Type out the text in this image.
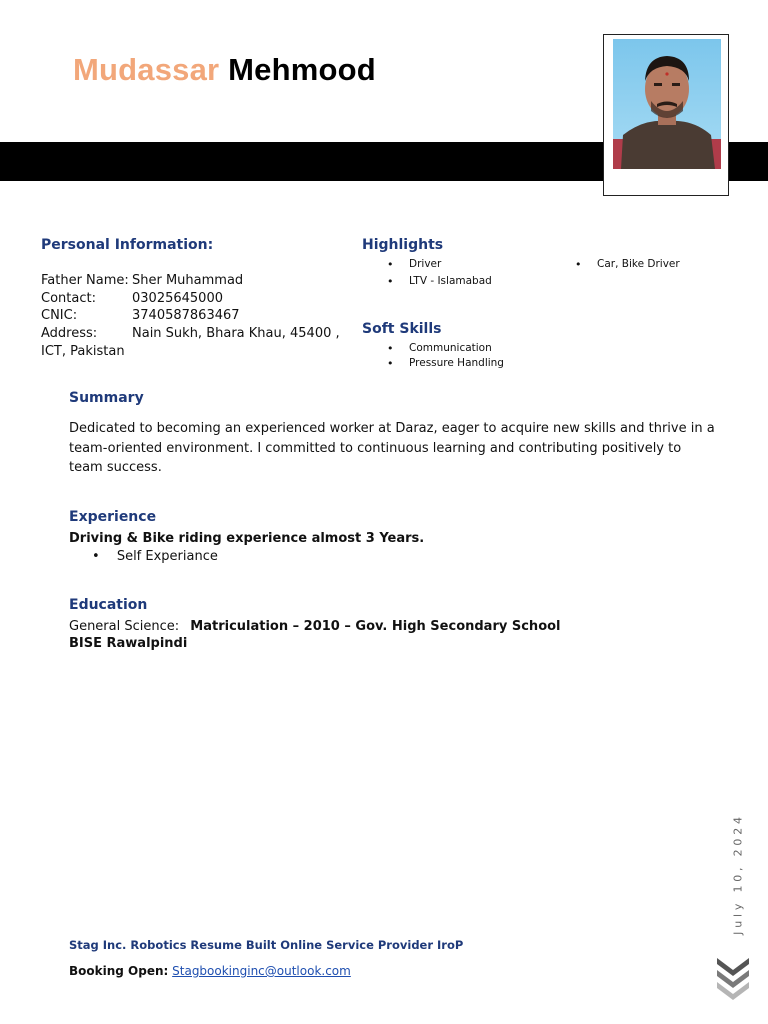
Mudassar Mehmood
Personal Information:
Father Name: Sher Muhammad
Contact:	03025645000
CNIC:	3740587863467
Address:	Nain Sukh, Bhara Khau, 45400 ,
ICT, Pakistan
Highlights
• Driver
• LTV - Islamabad
• Car, Bike Driver
Soft Skills
• Communication
• Pressure Handling
Summary
Dedicated to becoming an experienced worker at Daraz, eager to acquire new skills and thrive in a
team-oriented environment. I committed to continuous learning and contributing positively to
team success.
Experience
Driving & Bike riding experience almost 3 Years.
• Self Experiance
Education
General Science: Matriculation – 2010 – Gov. High Secondary School
BISE Rawalpindi
Stag Inc. Robotics Resume Built Online Service Provider IroP
Booking Open: Stagbookinginc@outlook.com
July 10, 2024
